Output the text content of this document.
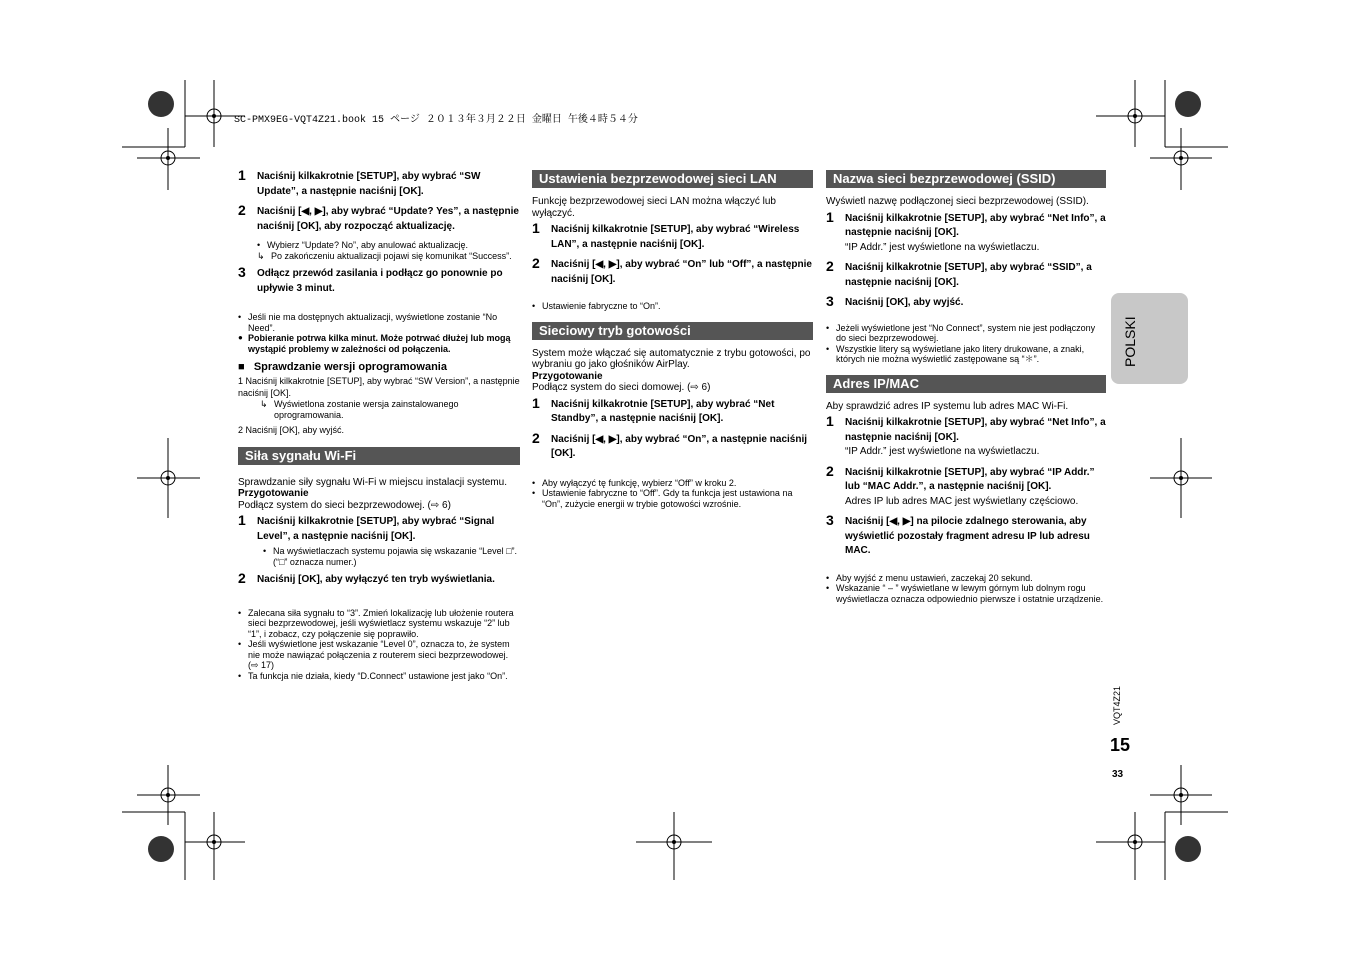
SC-PMX9EG-VQT4Z21.book 15 ページ ２０１３年３月２２日 金曜日 午後４時５４分
1 Naciśnij kilkakrotnie [SETUP], aby wybrać “SW Update”, a następnie naciśnij [OK].
2 Naciśnij [◀, ▶], aby wybrać “Update? Yes”, a następnie naciśnij [OK], aby rozpocząć aktualizację.
• Wybierz “Update? No”, aby anulować aktualizację.
↳ Po zakończeniu aktualizacji pojawi się komunikat “Success”.
3 Odłącz przewód zasilania i podłącz go ponownie po upływie 3 minut.
• Jeśli nie ma dostępnych aktualizacji, wyświetlone zostanie “No Need”.
● Pobieranie potrwa kilka minut. Może potrwać dłużej lub mogą wystąpić problemy w zależności od połączenia.
■   Sprawdzanie wersji oprogramowania
1 Naciśnij kilkakrotnie [SETUP], aby wybrać “SW Version”, a następnie naciśnij [OK].
↳ Wyświetlona zostanie wersja zainstalowanego oprogramowania.
2 Naciśnij [OK], aby wyjść.
Siła sygnału Wi-Fi
Sprawdzanie siły sygnału Wi-Fi w miejscu instalacji systemu.
Przygotowanie
Podłącz system do sieci bezprzewodowej. (⇨ 6)
1 Naciśnij kilkakrotnie [SETUP], aby wybrać “Signal Level”, a następnie naciśnij [OK].
• Na wyświetlaczach systemu pojawia się wskazanie “Level □”. (“□” oznacza numer.)
2 Naciśnij [OK], aby wyłączyć ten tryb wyświetlania.
• Zalecana siła sygnału to “3”. Zmień lokalizację lub ułożenie routera sieci bezprzewodowej, jeśli wyświetlacz systemu wskazuje “2” lub “1”, i zobacz, czy połączenie się poprawiło.
• Jeśli wyświetlone jest wskazanie “Level 0”, oznacza to, że system nie może nawiązać połączenia z routerem sieci bezprzewodowej. (⇨ 17)
• Ta funkcja nie działa, kiedy “D.Connect” ustawione jest jako “On”.
Ustawienia bezprzewodowej sieci LAN
Funkcję bezprzewodowej sieci LAN można włączyć lub wyłączyć.
1 Naciśnij kilkakrotnie [SETUP], aby wybrać “Wireless LAN”, a następnie naciśnij [OK].
2 Naciśnij [◀, ▶], aby wybrać “On” lub “Off”, a następnie naciśnij [OK].
• Ustawienie fabryczne to “On”.
Sieciowy tryb gotowości
System może włączać się automatycznie z trybu gotowości, po wybraniu go jako głośników AirPlay.
Przygotowanie
Podłącz system do sieci domowej. (⇨ 6)
1 Naciśnij kilkakrotnie [SETUP], aby wybrać “Net Standby”, a następnie naciśnij [OK].
2 Naciśnij [◀, ▶], aby wybrać “On”, a następnie naciśnij [OK].
• Aby wyłączyć tę funkcję, wybierz “Off” w kroku 2.
• Ustawienie fabryczne to “Off”. Gdy ta funkcja jest ustawiona na “On”, zużycie energii w trybie gotowości wzrośnie.
Nazwa sieci bezprzewodowej (SSID)
Wyświetl nazwę podłączonej sieci bezprzewodowej (SSID).
1 Naciśnij kilkakrotnie [SETUP], aby wybrać “Net Info”, a następnie naciśnij [OK].
“IP Addr.” jest wyświetlone na wyświetlaczu.
2 Naciśnij kilkakrotnie [SETUP], aby wybrać “SSID”, a następnie naciśnij [OK].
3 Naciśnij [OK], aby wyjść.
• Jeżeli wyświetlone jest “No Connect”, system nie jest podłączony do sieci bezprzewodowej.
• Wszystkie litery są wyświetlane jako litery drukowane, a znaki, których nie można wyświetlić zastępowane są “＊”.
Adres IP/MAC
Aby sprawdzić adres IP systemu lub adres MAC Wi-Fi.
1 Naciśnij kilkakrotnie [SETUP], aby wybrać “Net Info”, a następnie naciśnij [OK].
“IP Addr.” jest wyświetlone na wyświetlaczu.
2 Naciśnij kilkakrotnie [SETUP], aby wybrać “IP Addr.” lub “MAC Addr.”, a następnie naciśnij [OK].
Adres IP lub adres MAC jest wyświetlany częściowo.
3 Naciśnij [◀, ▶] na pilocie zdalnego sterowania, aby wyświetlić pozostały fragment adresu IP lub adresu MAC.
• Aby wyjść z menu ustawień, zaczekaj 20 sekund.
• Wskazanie “ – ” wyświetlane w lewym górnym lub dolnym rogu wyświetlacza oznacza odpowiednio pierwsze i ostatnie urządzenie.
POLSKI
VQT4Z21
15
33
